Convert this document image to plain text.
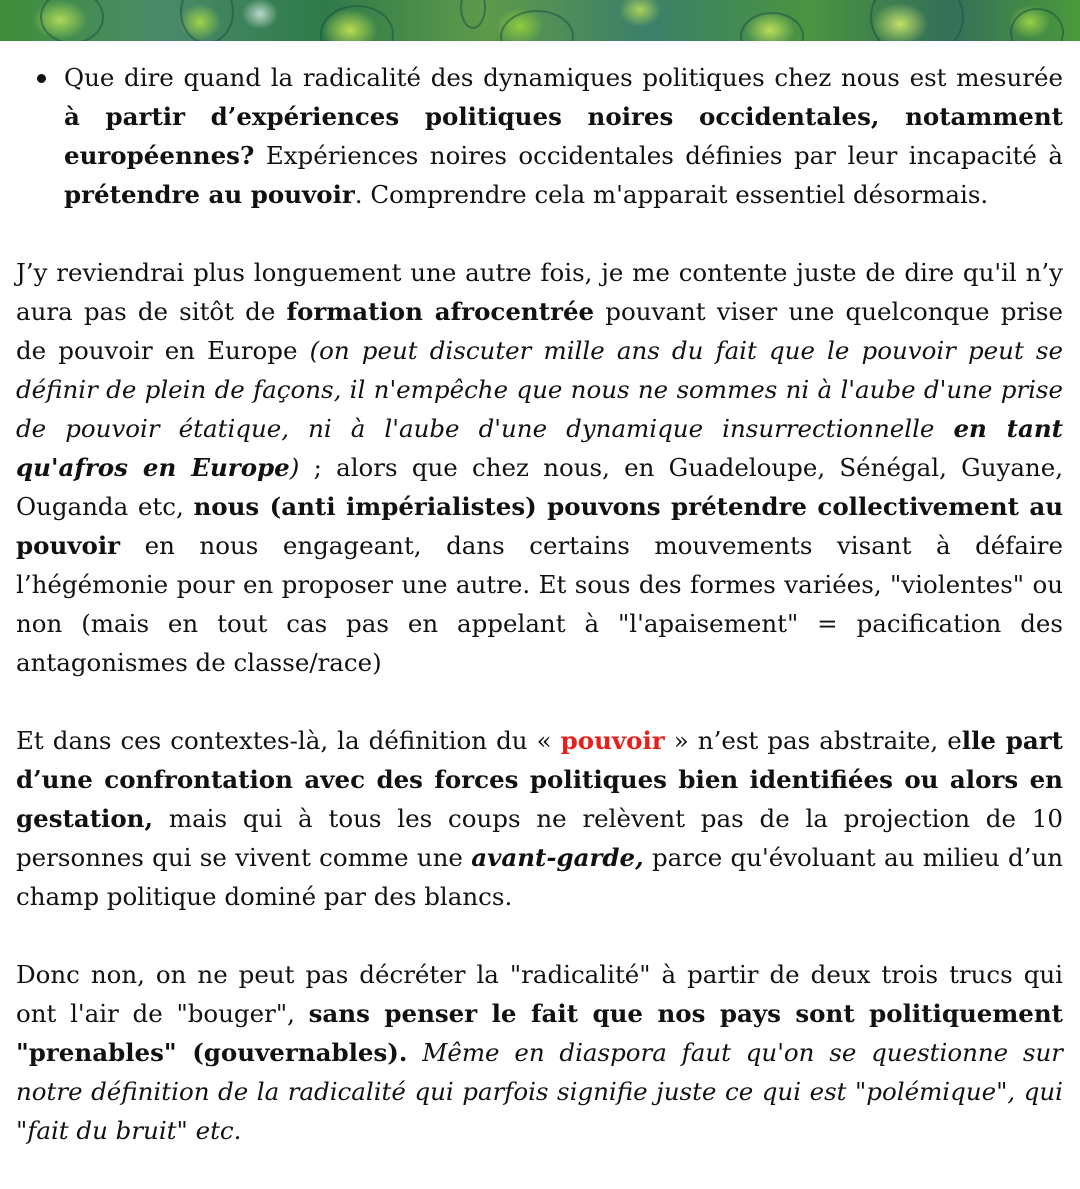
Que dire quand la radicalité des dynamiques politiques chez nous est mesurée à partir d’expériences politiques noires occidentales, notamment européennes? Expériences noires occidentales définies par leur incapacité à prétendre au pouvoir. Comprendre cela m'apparait essentiel désormais.

J’y reviendrai plus longuement une autre fois, je me contente juste de dire qu'il n’y aura pas de sitôt de formation afrocentrée pouvant viser une quelconque prise de pouvoir en Europe (on peut discuter mille ans du fait que le pouvoir peut se définir de plein de façons, il n'empêche que nous ne sommes ni à l'aube d'une prise de pouvoir étatique, ni à l'aube d'une dynamique insurrectionnelle en tant qu'afros en Europe) ; alors que chez nous, en Guadeloupe, Sénégal, Guyane, Ouganda etc, nous (anti impérialistes) pouvons prétendre collectivement au pouvoir en nous engageant, dans certains mouvements visant à défaire l’hégémonie pour en proposer une autre. Et sous des formes variées, "violentes" ou non (mais en tout cas pas en appelant à "l'apaisement" = pacification des antagonismes de classe/race)

Et dans ces contextes-là, la définition du « pouvoir » n’est pas abstraite, elle part d’une confrontation avec des forces politiques bien identifiées ou alors en gestation, mais qui à tous les coups ne relèvent pas de la projection de 10 personnes qui se vivent comme une avant-garde, parce qu'évoluant au milieu d’un champ politique dominé par des blancs.

Donc non, on ne peut pas décréter la "radicalité" à partir de deux trois trucs qui ont l'air de "bouger", sans penser le fait que nos pays sont politiquement "prenables" (gouvernables). Même en diaspora faut qu'on se questionne sur notre définition de la radicalité qui parfois signifie juste ce qui est "polémique", qui "fait du bruit" etc.
